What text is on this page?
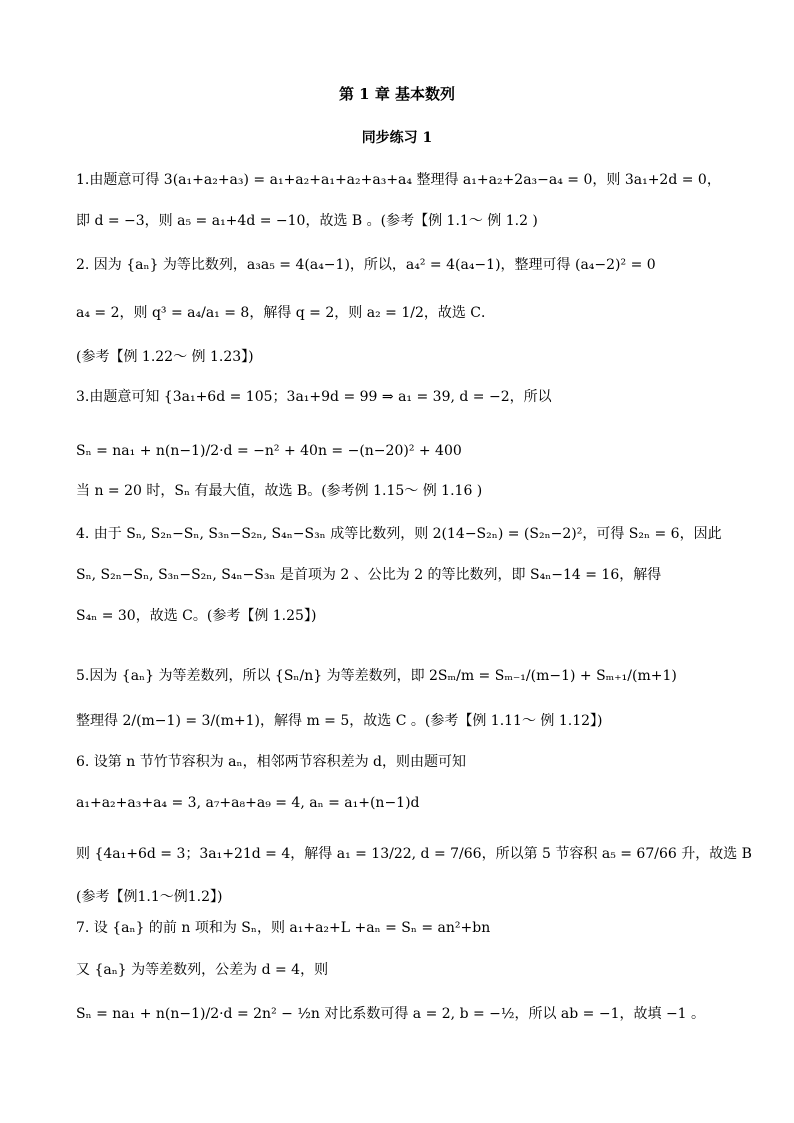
第 1 章 基本数列
同步练习 1
1.由题意可得 3(a₁+a₂+a₃) = a₁+a₂+a₁+a₂+a₃+a₄ 整理得 a₁+a₂+2a₃−a₄ = 0，则 3a₁+2d = 0，
即 d = −3，则 a₅ = a₁+4d = −10，故选 B 。(参考【例 1.1～ 例 1.2 )
2. 因为 {aₙ} 为等比数列，a₃a₅ = 4(a₄−1)，所以，a₄² = 4(a₄−1)，整理可得 (a₄−2)² = 0
a₄ = 2，则 q³ = a₄/a₁ = 8，解得 q = 2，则 a₂ = 1/2，故选 C．
(参考【例 1.22～ 例 1.23】)
3.由题意可知 {3a₁+6d = 105；3a₁+9d = 99 ⇒ a₁ = 39, d = −2，所以
Sₙ = na₁ + n(n−1)/2·d = −n² + 40n = −(n−20)² + 400
当 n = 20 时，Sₙ 有最大值，故选 B。(参考例 1.15～ 例 1.16 )
4. 由于 Sₙ, S₂ₙ−Sₙ, S₃ₙ−S₂ₙ, S₄ₙ−S₃ₙ 成等比数列，则 2(14−S₂ₙ) = (S₂ₙ−2)²，可得 S₂ₙ = 6，因此
Sₙ, S₂ₙ−Sₙ, S₃ₙ−S₂ₙ, S₄ₙ−S₃ₙ 是首项为 2 、公比为 2 的等比数列，即 S₄ₙ−14 = 16，解得
S₄ₙ = 30，故选 C。(参考【例 1.25】)
5.因为 {aₙ} 为等差数列，所以 {Sₙ/n} 为等差数列，即 2Sₘ/m = Sₘ₋₁/(m−1) + Sₘ₊₁/(m+1)
整理得 2/(m−1) = 3/(m+1)，解得 m = 5，故选 C 。(参考【例 1.11～ 例 1.12】)
6. 设第 n 节竹节容积为 aₙ，相邻两节容积差为 d，则由题可知
a₁+a₂+a₃+a₄ = 3, a₇+a₈+a₉ = 4, aₙ = a₁+(n−1)d
则 {4a₁+6d = 3；3a₁+21d = 4，解得 a₁ = 13/22, d = 7/66，所以第 5 节容积 a₅ = 67/66 升，故选 B
(参考【例1.1～例1.2】)
7. 设 {aₙ} 的前 n 项和为 Sₙ，则 a₁+a₂+L +aₙ = Sₙ = an²+bn
又 {aₙ} 为等差数列，公差为 d = 4，则
Sₙ = na₁ + n(n−1)/2·d = 2n² − ½n 对比系数可得 a = 2, b = −½，所以 ab = −1，故填 −1 。
